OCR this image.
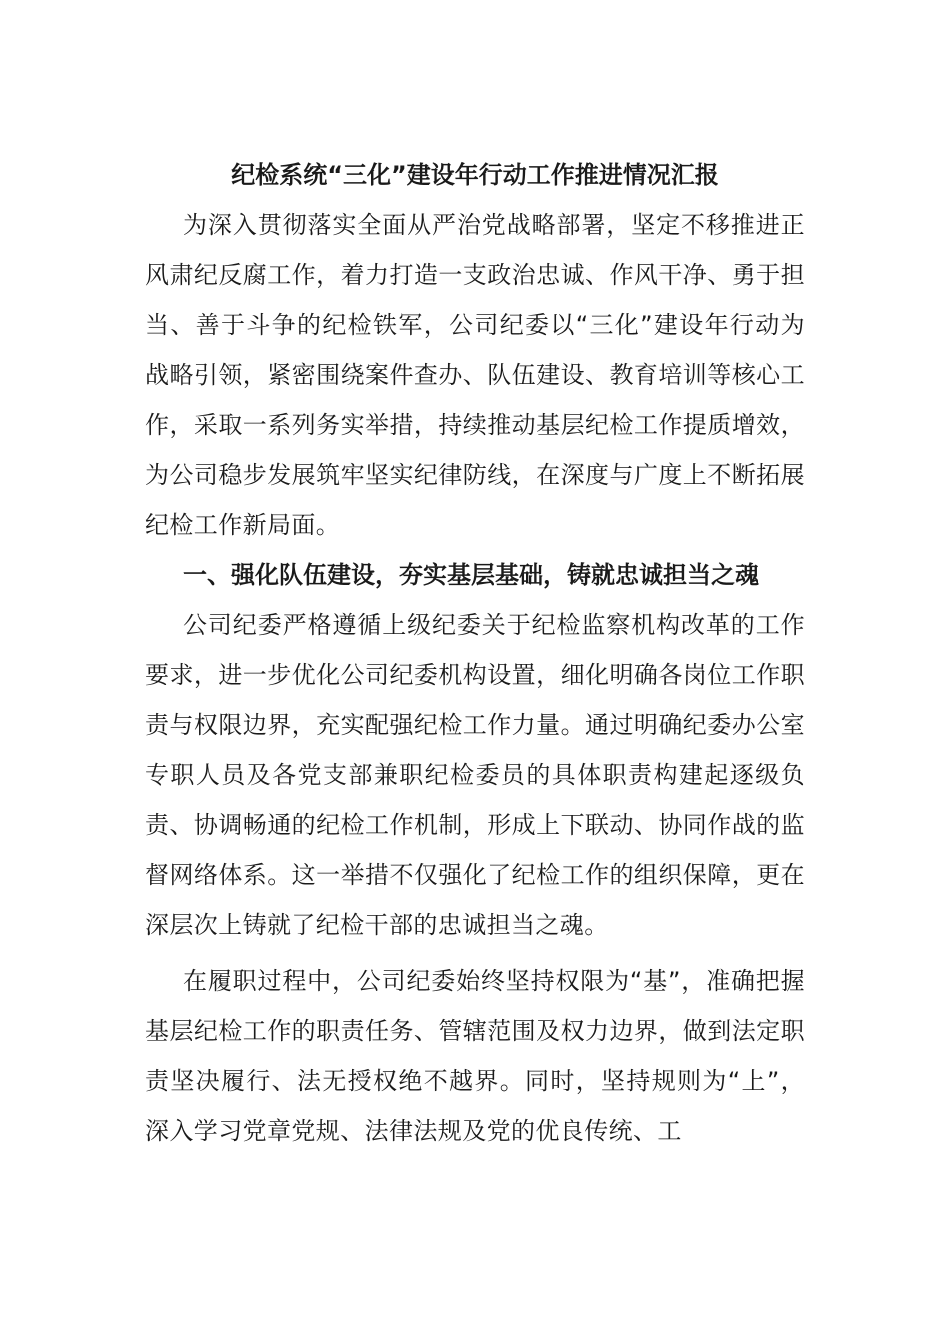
纪检系统“三化”建设年行动工作推进情况汇报

为深入贯彻落实全面从严治党战略部署，坚定不移推进正风肃纪反腐工作，着力打造一支政治忠诚、作风干净、勇于担当、善于斗争的纪检铁军，公司纪委以“三化”建设年行动为战略引领，紧密围绕案件查办、队伍建设、教育培训等核心工作，采取一系列务实举措，持续推动基层纪检工作提质增效，为公司稳步发展筑牢坚实纪律防线，在深度与广度上不断拓展纪检工作新局面。

一、强化队伍建设，夯实基层基础，铸就忠诚担当之魂

公司纪委严格遵循上级纪委关于纪检监察机构改革的工作要求，进一步优化公司纪委机构设置，细化明确各岗位工作职责与权限边界，充实配强纪检工作力量。通过明确纪委办公室专职人员及各党支部兼职纪检委员的具体职责构建起逐级负责、协调畅通的纪检工作机制，形成上下联动、协同作战的监督网络体系。这一举措不仅强化了纪检工作的组织保障，更在深层次上铸就了纪检干部的忠诚担当之魂。

在履职过程中，公司纪委始终坚持权限为“基”，准确把握基层纪检工作的职责任务、管辖范围及权力边界，做到法定职责坚决履行、法无授权绝不越界。同时，坚持规则为“上”，深入学习党章党规、法律法规及党的优良传统、工
